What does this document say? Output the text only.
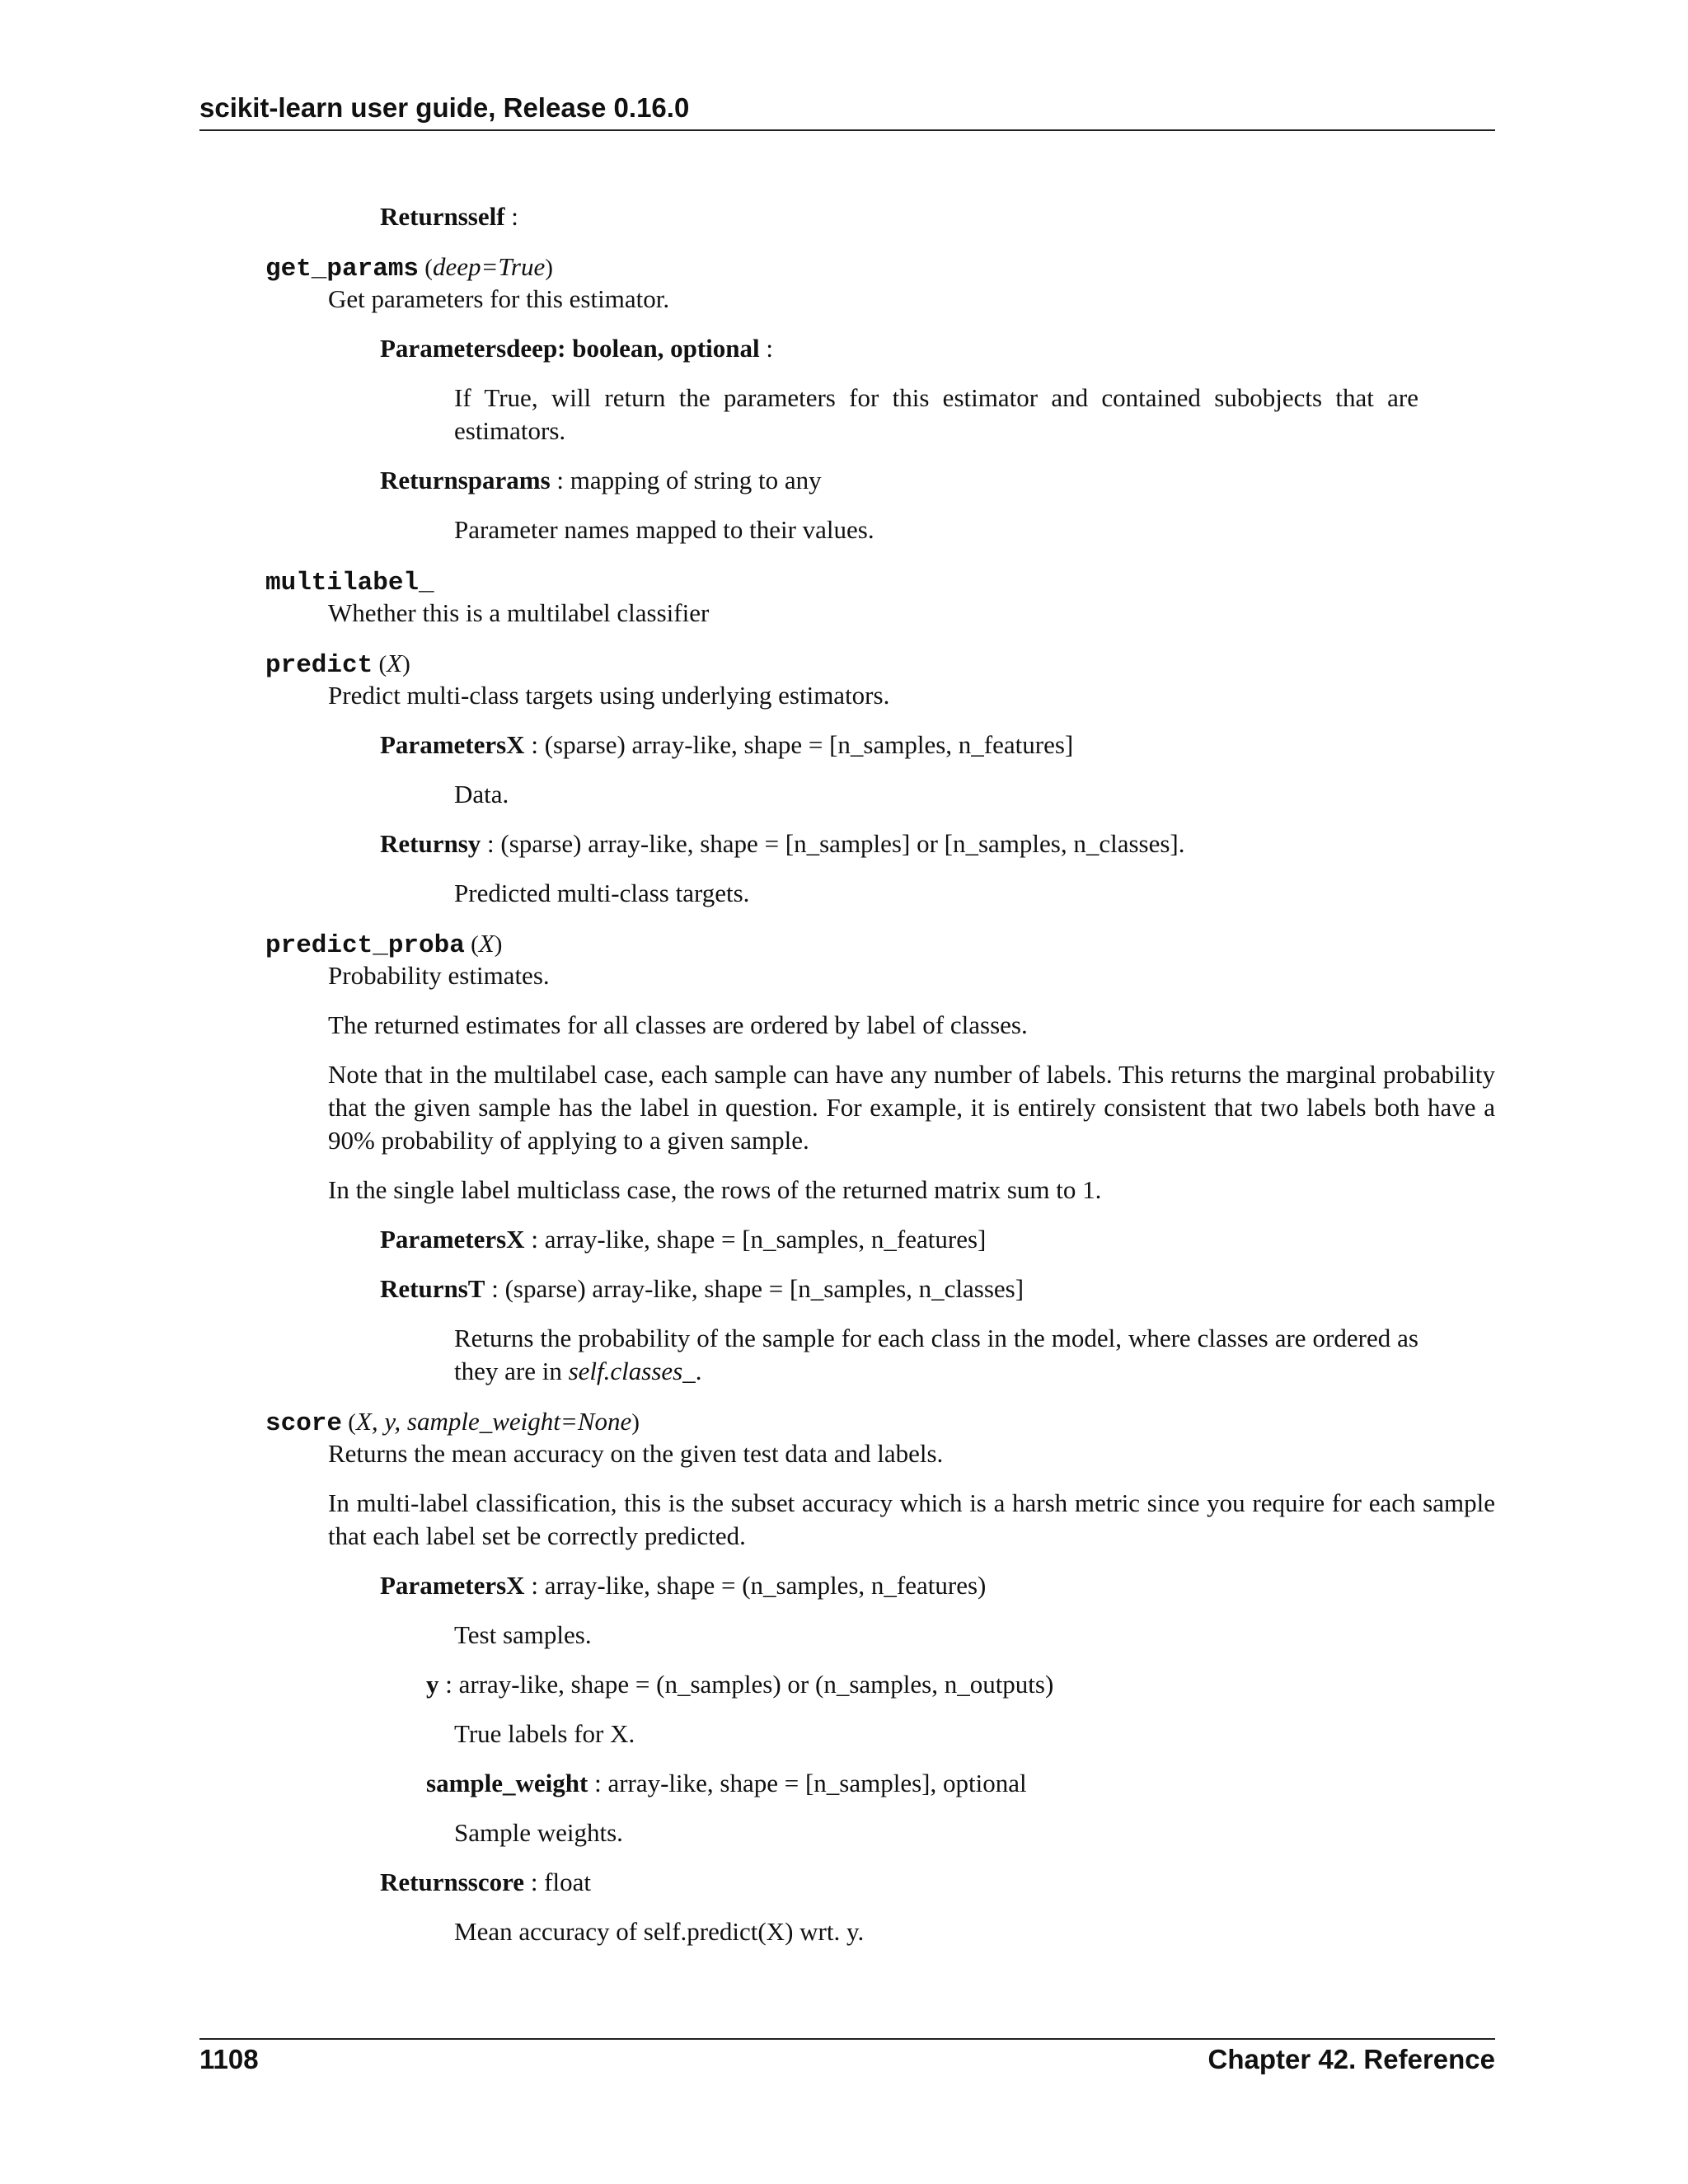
scikit-learn user guide, Release 0.16.0
Returnsself :
get_params (deep=True)
Get parameters for this estimator.
Parametersdeep: boolean, optional :
If True, will return the parameters for this estimator and contained subobjects that are estimators.
Returnsparams : mapping of string to any
Parameter names mapped to their values.
multilabel_
Whether this is a multilabel classifier
predict (X)
Predict multi-class targets using underlying estimators.
ParametersX : (sparse) array-like, shape = [n_samples, n_features]
Data.
Returnsy : (sparse) array-like, shape = [n_samples] or [n_samples, n_classes].
Predicted multi-class targets.
predict_proba (X)
Probability estimates.
The returned estimates for all classes are ordered by label of classes.
Note that in the multilabel case, each sample can have any number of labels. This returns the marginal probability that the given sample has the label in question. For example, it is entirely consistent that two labels both have a 90% probability of applying to a given sample.
In the single label multiclass case, the rows of the returned matrix sum to 1.
ParametersX : array-like, shape = [n_samples, n_features]
ReturnsT : (sparse) array-like, shape = [n_samples, n_classes]
Returns the probability of the sample for each class in the model, where classes are ordered as they are in self.classes_.
score (X, y, sample_weight=None)
Returns the mean accuracy on the given test data and labels.
In multi-label classification, this is the subset accuracy which is a harsh metric since you require for each sample that each label set be correctly predicted.
ParametersX : array-like, shape = (n_samples, n_features)
Test samples.
y : array-like, shape = (n_samples) or (n_samples, n_outputs)
True labels for X.
sample_weight : array-like, shape = [n_samples], optional
Sample weights.
Returnsscore : float
Mean accuracy of self.predict(X) wrt. y.
1108	Chapter 42. Reference
